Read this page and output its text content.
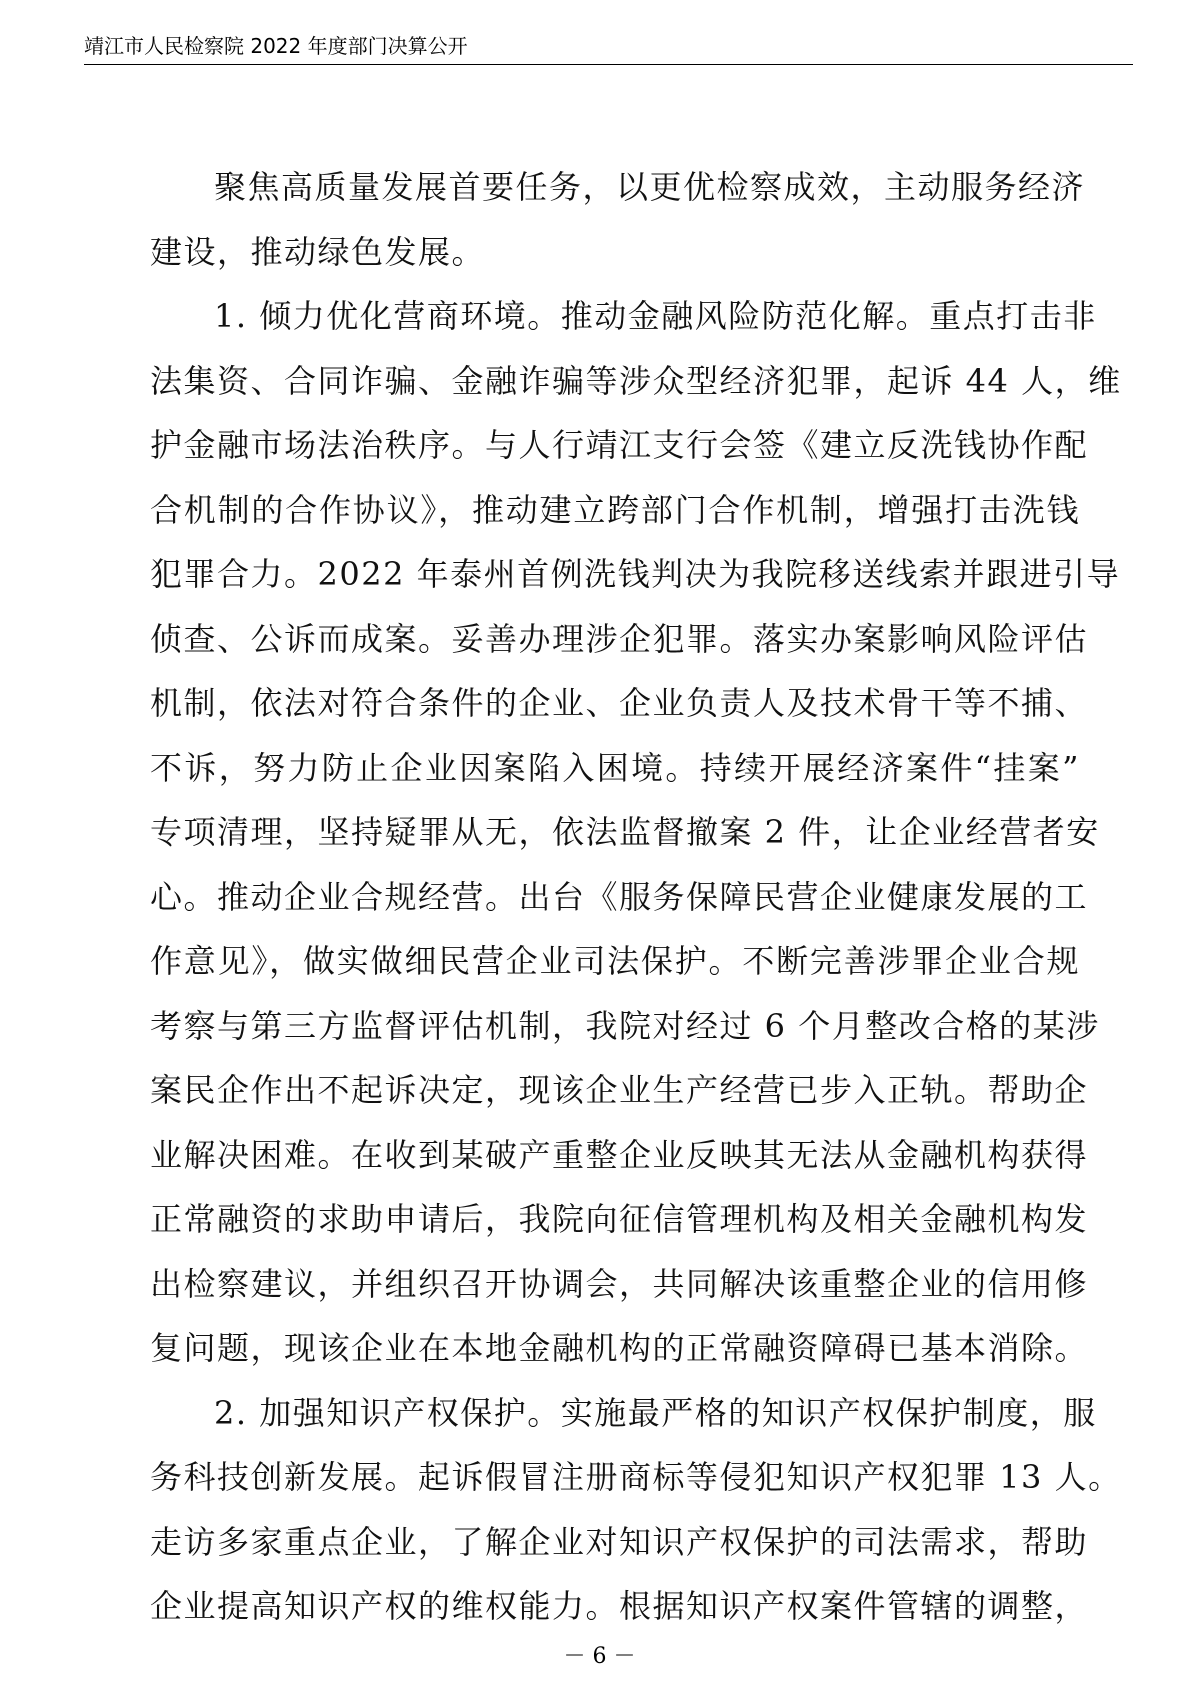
靖江市人民检察院 2022 年度部门决算公开
聚焦高质量发展首要任务，以更优检察成效，主动服务经济
建设，推动绿色发展。
1. 倾力优化营商环境。推动金融风险防范化解。重点打击非
法集资、合同诈骗、金融诈骗等涉众型经济犯罪，起诉 44 人，维
护金融市场法治秩序。与人行靖江支行会签《建立反洗钱协作配
合机制的合作协议》，推动建立跨部门合作机制，增强打击洗钱
犯罪合力。2022 年泰州首例洗钱判决为我院移送线索并跟进引导
侦查、公诉而成案。妥善办理涉企犯罪。落实办案影响风险评估
机制，依法对符合条件的企业、企业负责人及技术骨干等不捕、
不诉，努力防止企业因案陷入困境。持续开展经济案件“挂案”
专项清理，坚持疑罪从无，依法监督撤案 2 件，让企业经营者安
心。推动企业合规经营。出台《服务保障民营企业健康发展的工
作意见》，做实做细民营企业司法保护。不断完善涉罪企业合规
考察与第三方监督评估机制，我院对经过 6 个月整改合格的某涉
案民企作出不起诉决定，现该企业生产经营已步入正轨。帮助企
业解决困难。在收到某破产重整企业反映其无法从金融机构获得
正常融资的求助申请后，我院向征信管理机构及相关金融机构发
出检察建议，并组织召开协调会，共同解决该重整企业的信用修
复问题，现该企业在本地金融机构的正常融资障碍已基本消除。
2. 加强知识产权保护。实施最严格的知识产权保护制度，服
务科技创新发展。起诉假冒注册商标等侵犯知识产权犯罪 13 人。
走访多家重点企业，了解企业对知识产权保护的司法需求，帮助
企业提高知识产权的维权能力。根据知识产权案件管辖的调整，
－ 6 －
